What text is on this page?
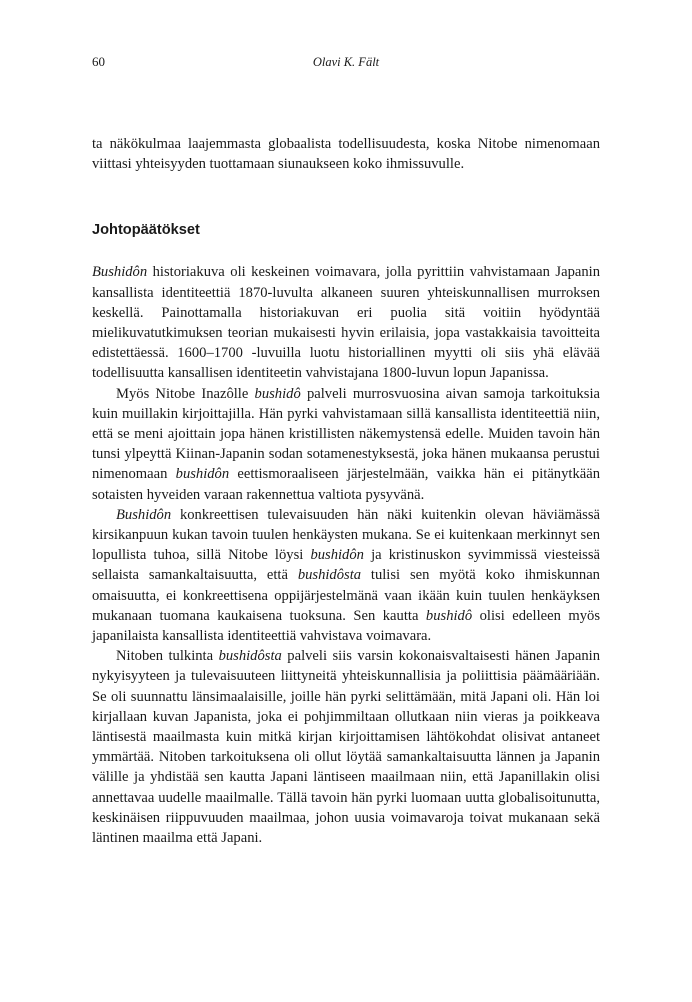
60	Olavi K. Fält

ta näkökulmaa laajemmasta globaalista todellisuudesta, koska Nitobe nimenomaan viittasi yhteisyyden tuottamaan siunaukseen koko ihmissuvulle.

Johtopäätökset

Bushidôn historiakuva oli keskeinen voimavara, jolla pyrittiin vahvistamaan Japanin kansallista identiteettiä 1870-luvulta alkaneen suuren yhteiskunnallisen murroksen keskellä. Painottamalla historiakuvan eri puolia sitä voitiin hyödyntää mielikuvatutkimuksen teorian mukaisesti hyvin erilaisia, jopa vastakkaisia tavoitteita edistettäessä. 1600–1700 -luvuilla luotu historiallinen myytti oli siis yhä elävää todellisuutta kansallisen identiteetin vahvistajana 1800-luvun lopun Japanissa.

Myös Nitobe Inazôlle bushidô palveli murrosvuosina aivan samoja tarkoituksia kuin muillakin kirjoittajilla. Hän pyrki vahvistamaan sillä kansallista identiteettiä niin, että se meni ajoittain jopa hänen kristillisten näkemystensä edelle. Muiden tavoin hän tunsi ylpeyttä Kiinan-Japanin sodan sotamenestyksestä, joka hänen mukaansa perustui nimenomaan bushidôn eettismoraaliseen järjestelmään, vaikka hän ei pitänytkään sotaisten hyveiden varaan rakennettua valtiota pysyvänä.

Bushidôn konkreettisen tulevaisuuden hän näki kuitenkin olevan häviämässä kirsikanpuun kukan tavoin tuulen henkäysten mukana. Se ei kuitenkaan merkinnyt sen lopullista tuhoa, sillä Nitobe löysi bushidôn ja kristinuskon syvimmissä viesteissä sellaista samankaltaisuutta, että bushidôsta tulisi sen myötä koko ihmiskunnan omaisuutta, ei konkreettisena oppijärjestelmänä vaan ikään kuin tuulen henkäyksen mukanaan tuomana kaukaisena tuoksuna. Sen kautta bushidô olisi edelleen myös japanilaista kansallista identiteettiä vahvistava voimavara.

Nitoben tulkinta bushidôsta palveli siis varsin kokonaisvaltaisesti hänen Japanin nykyisyyteen ja tulevaisuuteen liittyneitä yhteiskunnallisia ja poliittisia päämääriään. Se oli suunnattu länsimaalaisille, joille hän pyrki selittämään, mitä Japani oli. Hän loi kirjallaan kuvan Japanista, joka ei pohjimmiltaan ollutkaan niin vieras ja poikkeava läntisestä maailmasta kuin mitkä kirjan kirjoittamisen lähtökohdat olisivat antaneet ymmärtää. Nitoben tarkoituksena oli ollut löytää samankaltaisuutta lännen ja Japanin välille ja yhdistää sen kautta Japani läntiseen maailmaan niin, että Japanillakin olisi annettavaa uudelle maailmalle. Tällä tavoin hän pyrki luomaan uutta globalisoitunutta, keskinäisen riippuvuuden maailmaa, johon uusia voimavaroja toivat mukanaan sekä läntinen maailma että Japani.
